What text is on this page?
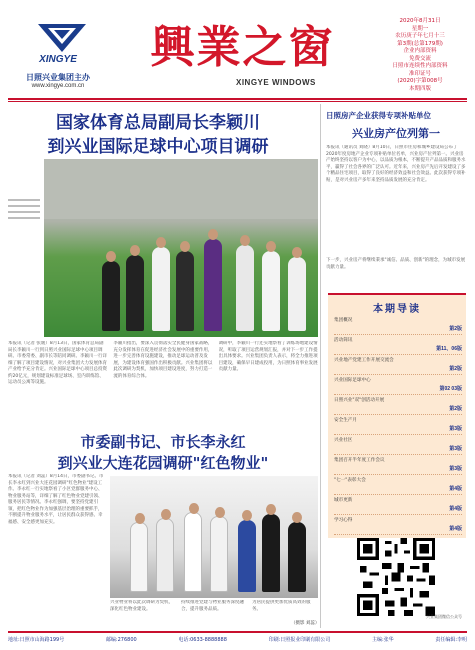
XINGYE
日照兴业集团主办
www.xingye.com.cn
興業之窗
XINGYE WINDOWS
2020年8月31日
星期一
农历庚子年七月十三
第3期(总第179期)
企业内部资料
免费交流
日照市连续性内部资料
准印证号
(2020)字第008号
本期四版
国家体育总局副局长李颖川
到兴业国际足球中心项目调研
本报讯（记者 张媛）8月13日，国家体育总局副局长李颖川一行到日照兴业国际足球中心项目调研。市委常委、副市长等陪同调研。李颖川一行详细了解了项目建设情况，对兴业集团大力发展体育产业给予充分肯定。兴业国际足球中心项目总投资约20亿元，规划建设标准足球场、室内训练馆、运动员公寓等设施。
李颖川指出，要深入贯彻落实全民健身国家战略，充分发挥体育在促进经济社会发展中的重要作用，进一步完善体育设施建设，推动足球运动普及发展，为建设体育强国作出积极贡献。兴业集团将以此次调研为契机，加快项目建设进度，努力打造一流的体育综合体。
调研中，李颖川一行还实地察看了训练场地建设情况，听取了项目运营规划汇报，并对下一步工作提出具体要求。兴业集团负责人表示，将全力推进项目建设，确保早日建成投用，为日照体育事业发展贡献力量。
日照房产企业获得专项补贴单位
兴业房产位列第一
本报讯（通讯员 刘晓）8月10日，日照市住房和城乡建设局公布了2020年度房地产企业专项补贴单位名单，兴业房产位列第一。兴业房产始终坚持以客户为中心，以品质为根本，不断提升产品品质和服务水平，赢得了社会各界的广泛认可。近年来，兴业房产先后开发建设了多个精品住宅项目，取得了良好的经济效益和社会效益。此次获得专项补贴，是对兴业房产多年来坚持品质发展的充分肯定。
下一步，兴业房产将继续秉承"诚信、品质、创新"的理念，为城市发展贡献力量。
本期导读
集团概况
第2版
活动简讯
第11、06版
兴业地产党建工作开展交流会
第2版
兴业国际足球中心
第02 03版
日照兴业"双"创活动开展
第2版
安全生产月
第3版
兴业社区
第3版
集团召开半年度工作会议
第3版
"七一"表彰大会
第4版
城市更新
第4版
学习心得
第4版
兴业集团微信公众号
市委副书记、市长李永红
到兴业大连花园调研"红色物业"
本报讯（记者 刘蕊）8月14日，市委副书记、市长李永红到兴业大连花园调研"红色物业"建设工作。李永红一行实地察看了小区党群服务中心、物业服务站等，详细了解了红色物业党建引领、服务居民等情况。李永红强调，要坚持党建引领，把红色物业作为加强基层治理的重要抓手，不断提升物业服务水平，让居民群众获得感、幸福感、安全感更加充实。
兴业物业将以此次调研为契机，深化红色物业建设。
持续推进党建与物业服务深度融合，提升服务品质。
为居民提供更加优质高效的服务。
（摄影 刘蕊）
地址:日照市山海路199号	邮编:276800	电话:0633-8888888	印刷:日照报业印刷有限公司	主编:张华	责任编辑:李明
